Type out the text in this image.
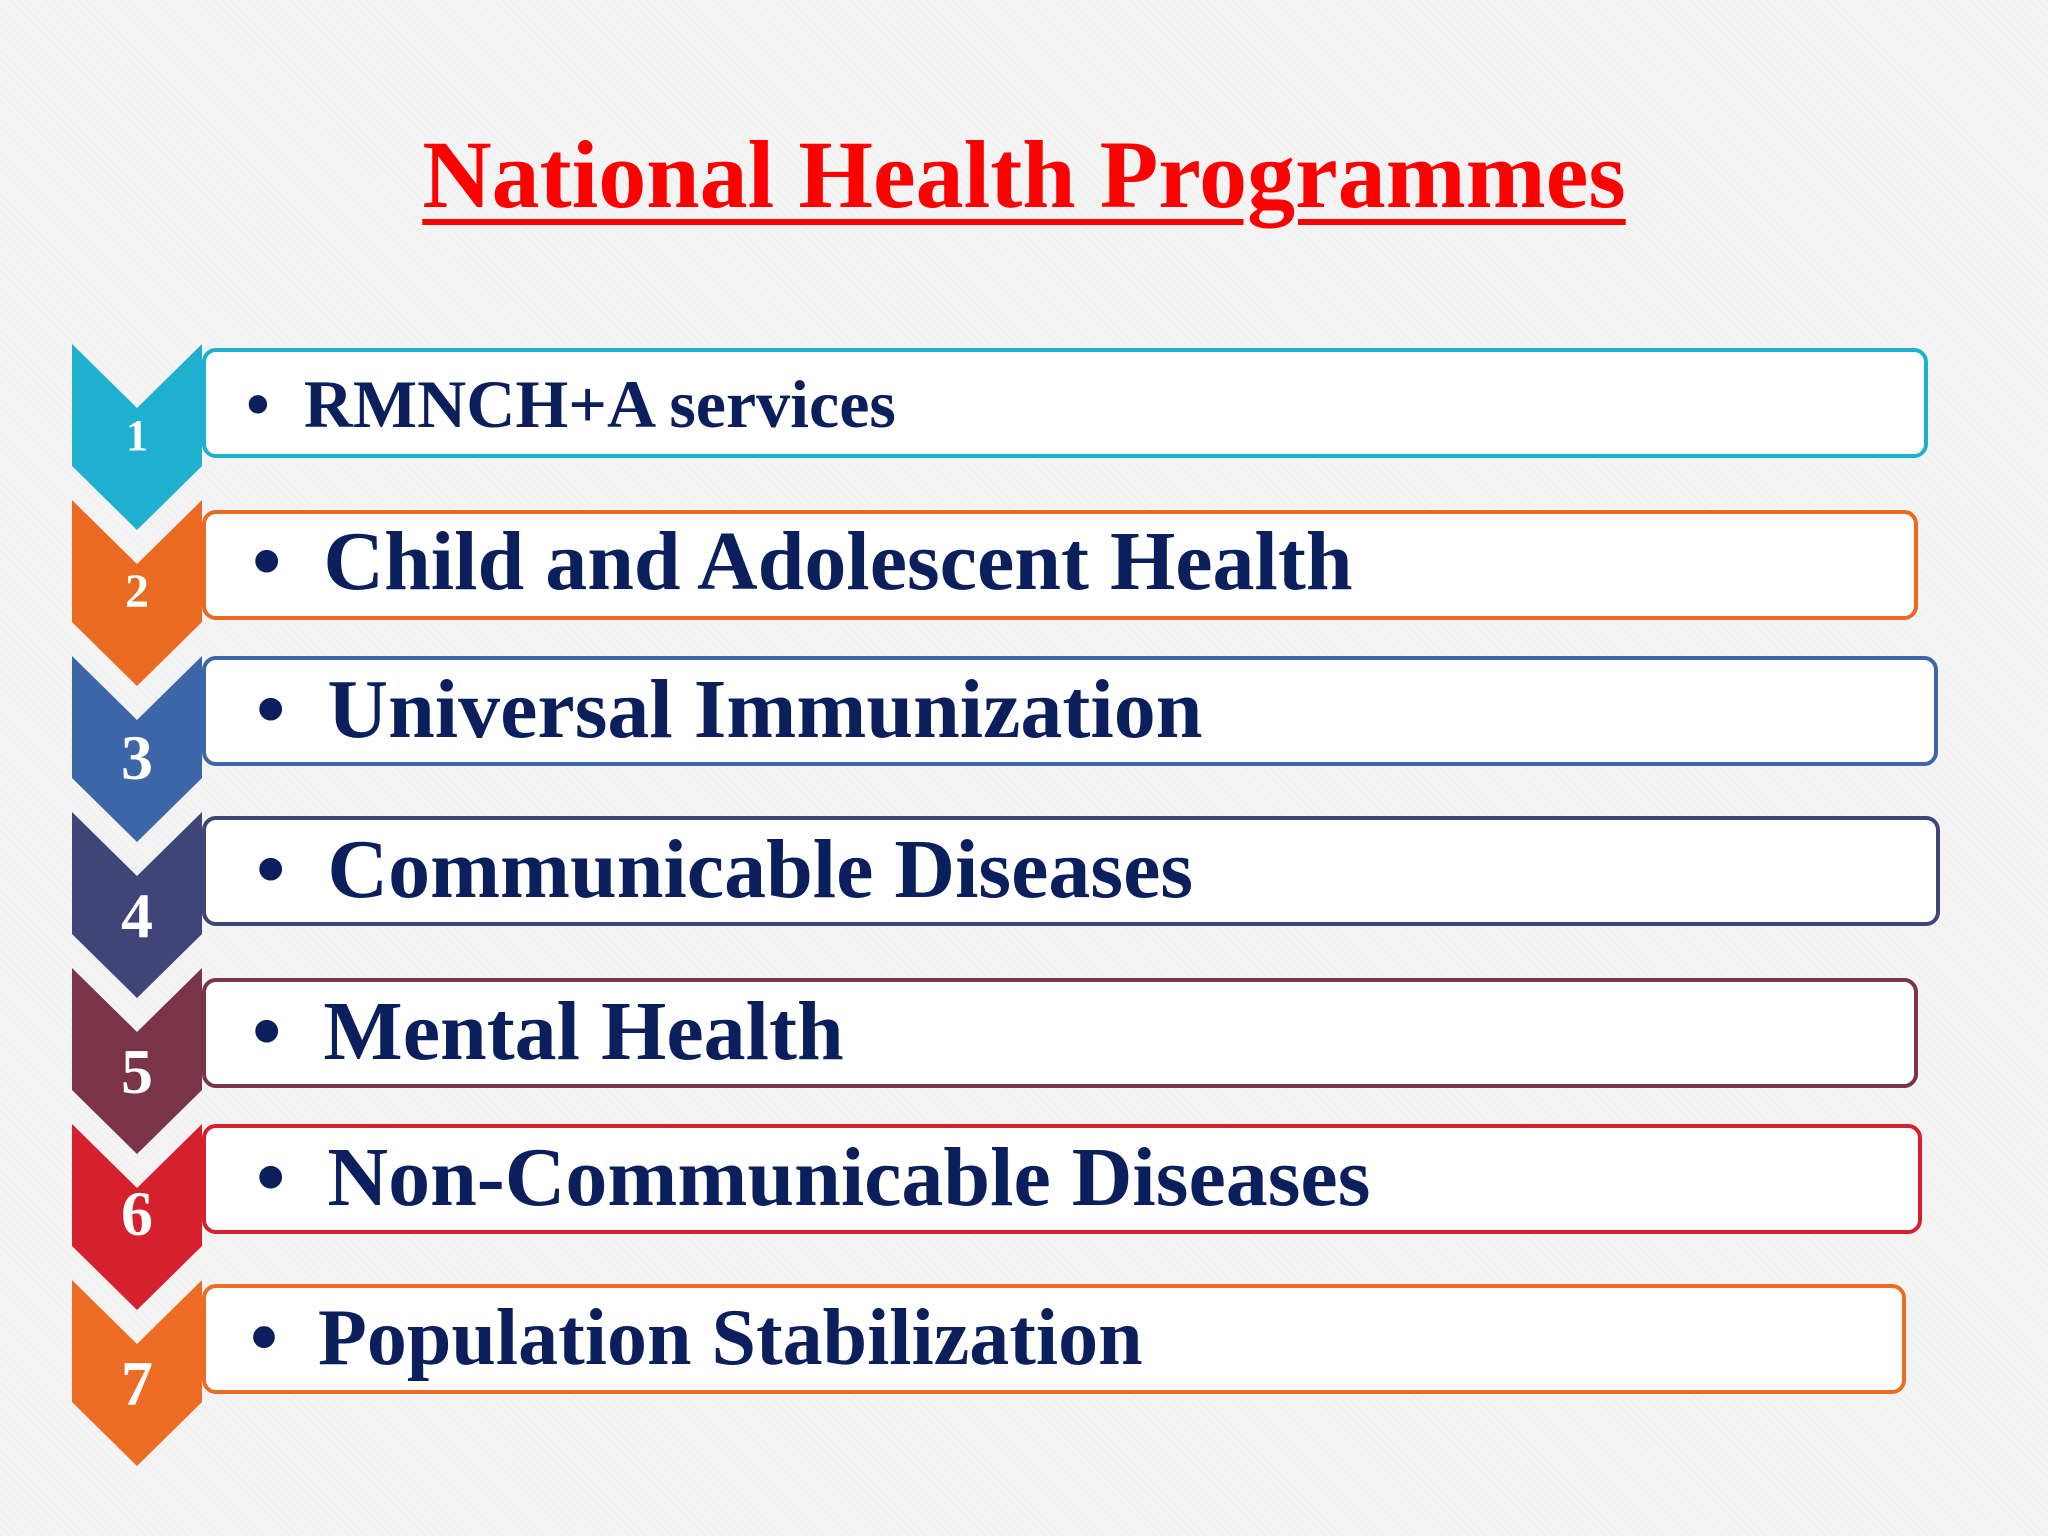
National Health Programmes
1	• RMNCH+A services
2	• Child and Adolescent Health
3
• Universal Immunization
4	• Communicable Diseases
5	• Mental Health
6	• Non-Communicable Diseases
7
• Population Stabilization
